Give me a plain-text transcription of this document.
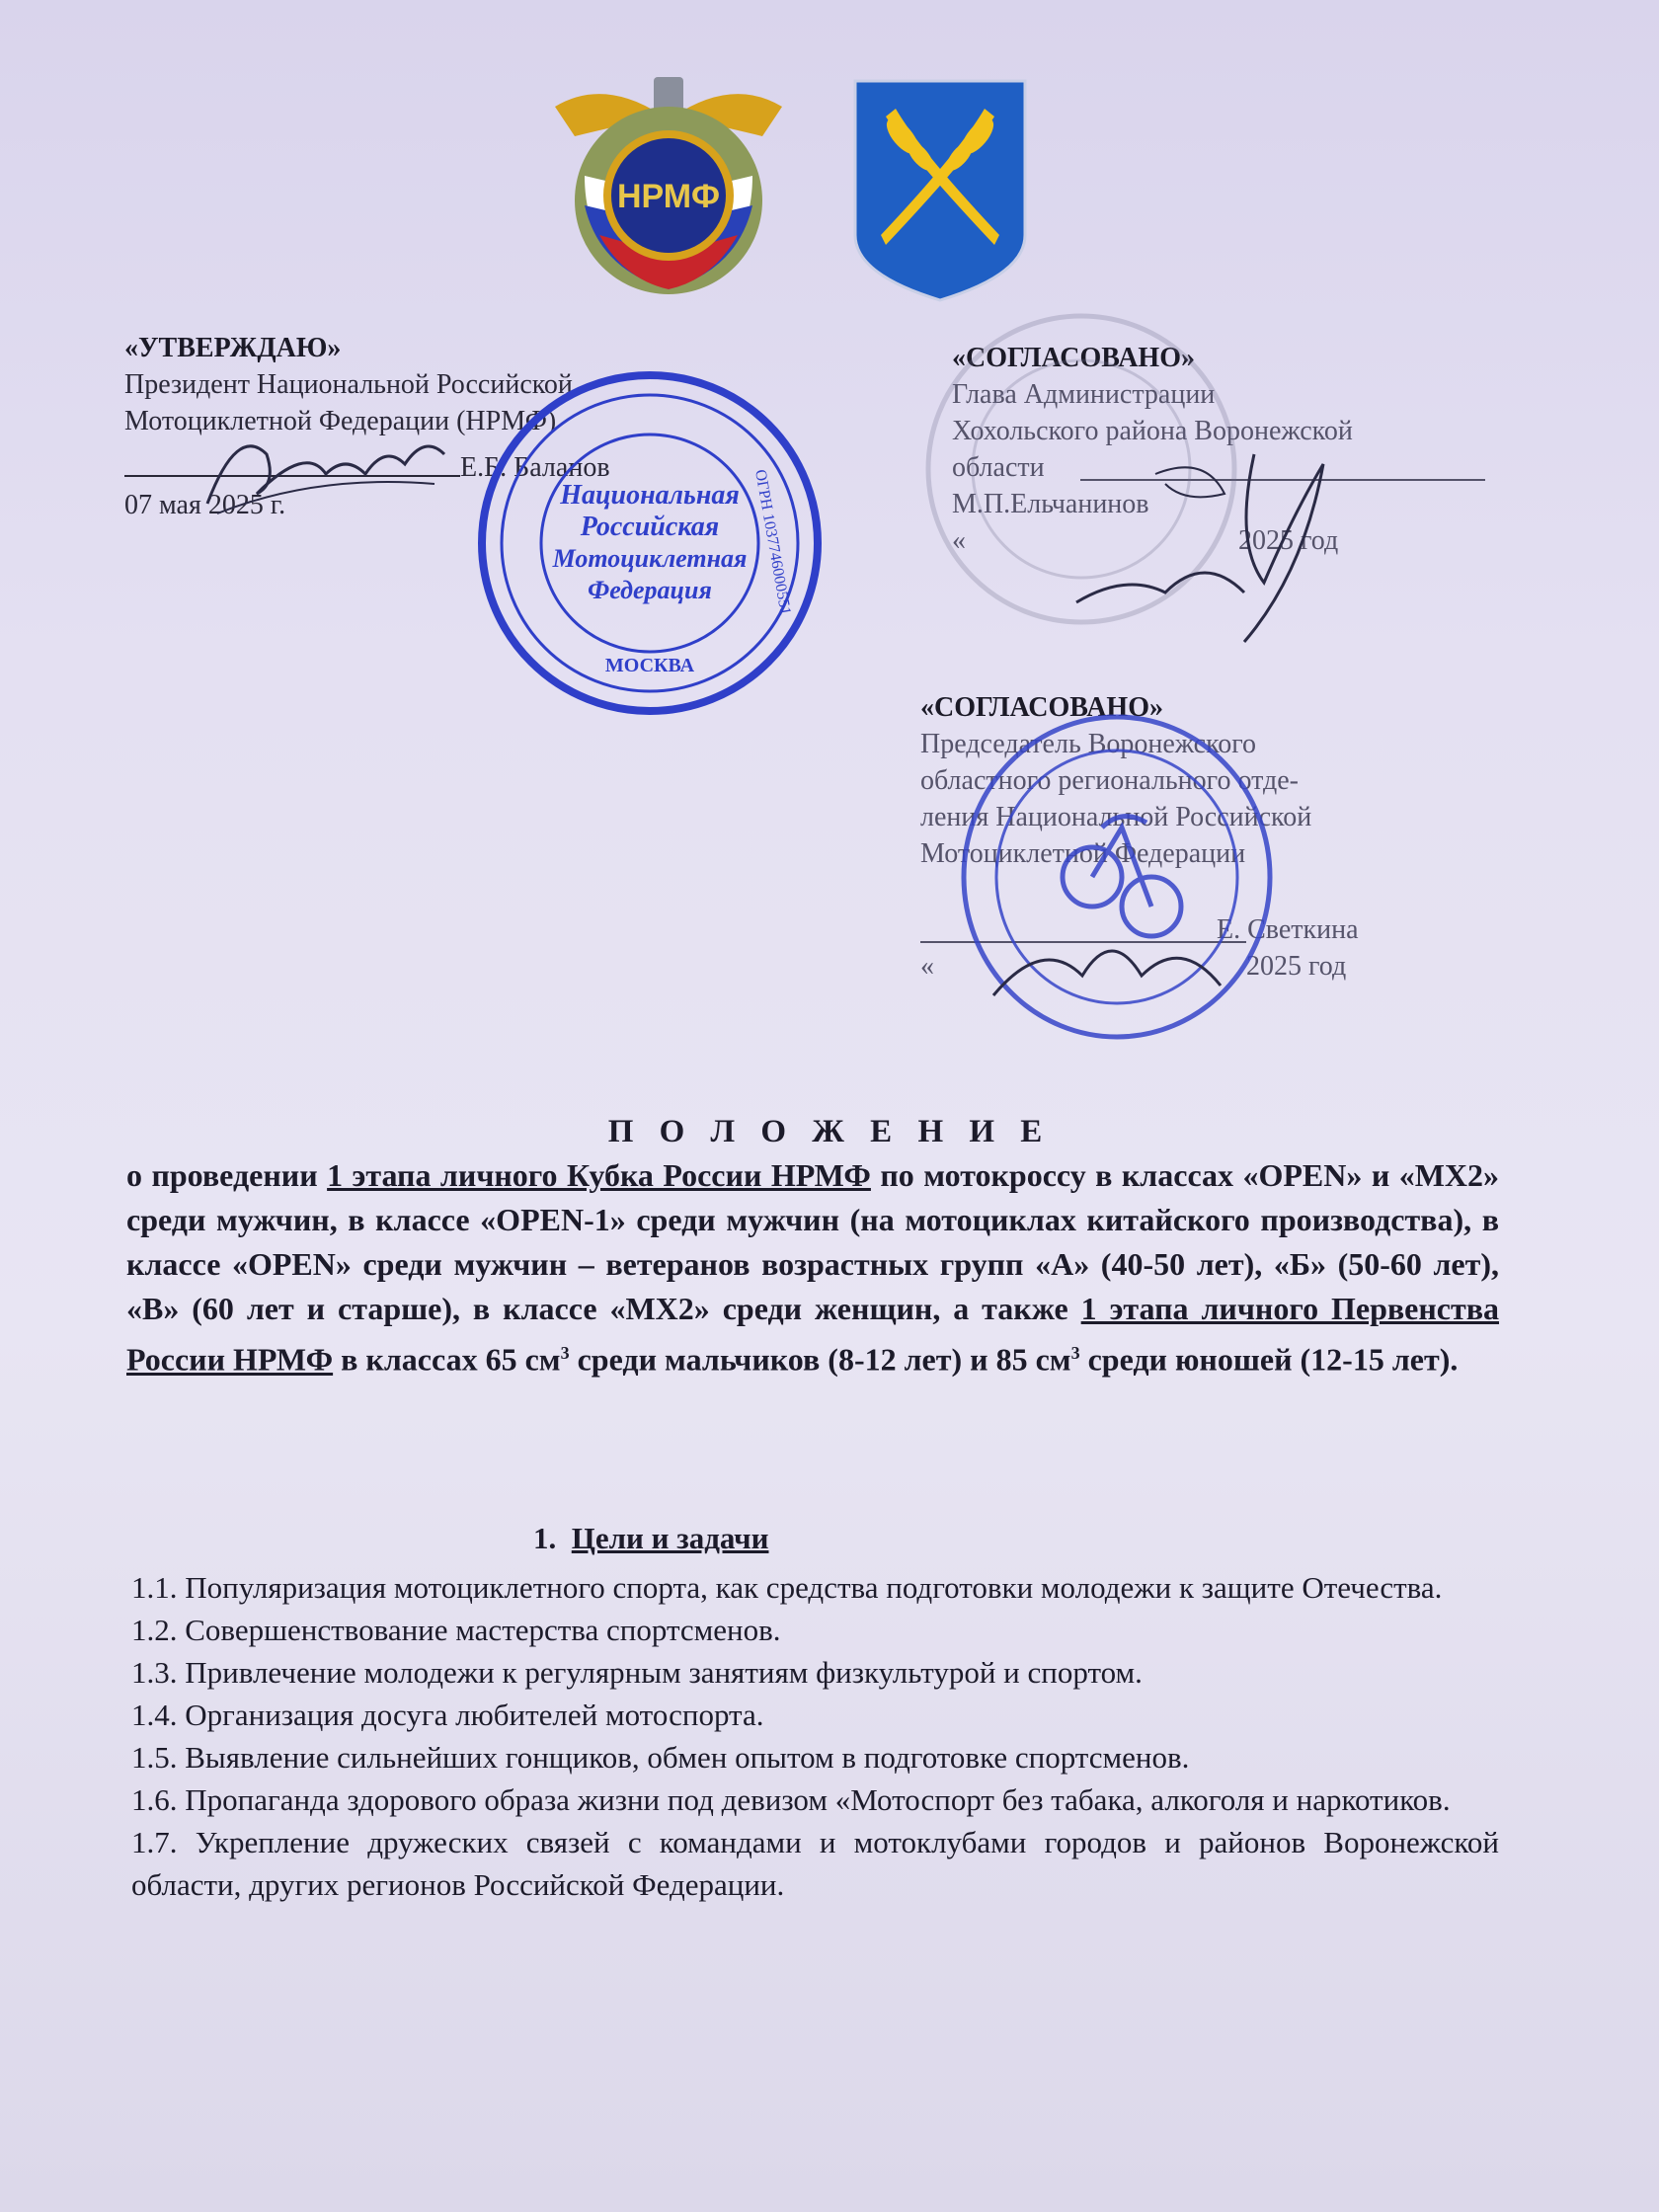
НРМФ
«УТВЕРЖДАЮ»
Президент Национальной Российской
Мотоциклетной Федерации (НРМФ)
Е.Б. Баланов
07 мая 2025 г.	Национальная
Российская
Мотоциклетная
Федерация
МОСКВА
ОГРН 1037746000551
«СОГЛАСОВАНО»
Глава Администрации
Хохольского района Воронежской
области
М.П.Ельчанинов
«	2025 год
«СОГЛАСОВАНО»
Председатель Воронежского
областного регионального отде-
ления Национальной Российской
Мотоциклетной Федерации
Е. Светкина
«	2025 год
П О Л О Ж Е Н И Е
о проведении 1 этапа личного Кубка России НРМФ по мотокроссу в классах «OPEN» и «MX2» среди мужчин, в классе «OPEN-1» среди мужчин (на мотоциклах китайского производства), в классе «OPEN» среди мужчин – ветеранов возрастных групп «А» (40-50 лет), «Б» (50-60 лет), «В» (60 лет и старше), в классе «MX2» среди женщин, а также 1 этапа личного Первенства России НРМФ в классах 65 $см^3$ среди мальчиков (8-12 лет) и 85 $см^3$ среди юношей (12-15 лет).
1. Цели и задачи
1.1. Популяризация мотоциклетного спорта, как средства подготовки молодежи к защите Отечества.
1.2. Совершенствование мастерства спортсменов.
1.3. Привлечение молодежи к регулярным занятиям физкультурой и спортом.
1.4. Организация досуга любителей мотоспорта.
1.5. Выявление сильнейших гонщиков, обмен опытом в подготовке спортсменов.
1.6. Пропаганда здорового образа жизни под девизом «Мотоспорт без табака, алкоголя и наркотиков.
1.7. Укрепление дружеских связей с командами и мотоклубами городов и районов Воронежской области, других регионов Российской Федерации.
